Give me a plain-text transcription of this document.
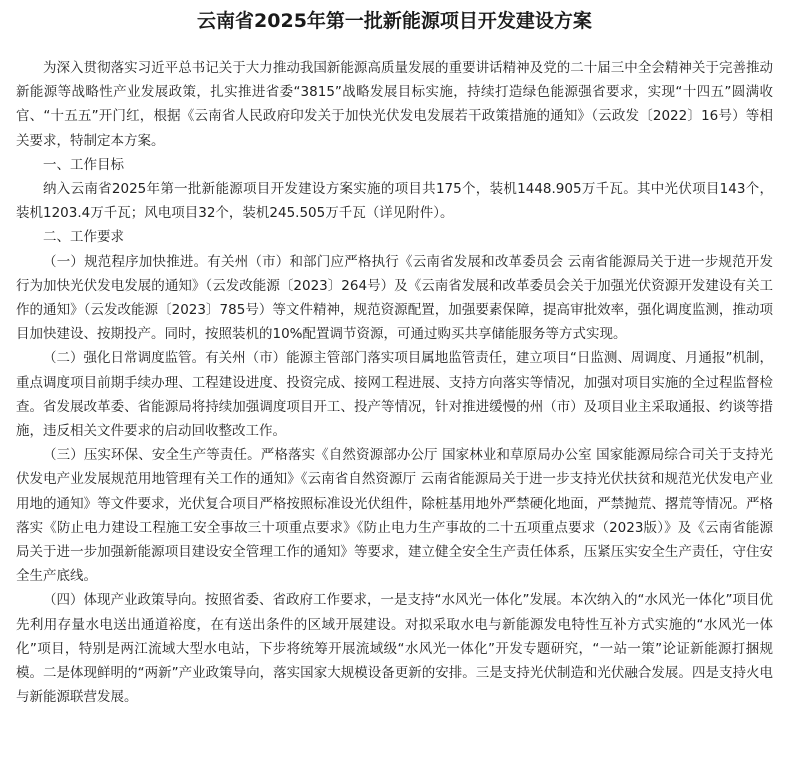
云南省2025年第一批新能源项目开发建设方案

为深入贯彻落实习近平总书记关于大力推动我国新能源高质量发展的重要讲话精神及党的二十届三中全会精神关于完善推动新能源等战略性产业发展政策，扎实推进省委“3815”战略发展目标实施，持续打造绿色能源强省要求，实现“十四五”圆满收官、“十五五”开门红，根据《云南省人民政府印发关于加快光伏发电发展若干政策措施的通知》（云政发〔2022〕16号）等相关要求，特制定本方案。

一、工作目标

纳入云南省2025年第一批新能源项目开发建设方案实施的项目共175个，装机1448.905万千瓦。其中光伏项目143个，装机1203.4万千瓦；风电项目32个，装机245.505万千瓦（详见附件）。

二、工作要求

（一）规范程序加快推进。有关州（市）和部门应严格执行《云南省发展和改革委员会 云南省能源局关于进一步规范开发行为加快光伏发电发展的通知》（云发改能源〔2023〕264号）及《云南省发展和改革委员会关于加强光伏资源开发建设有关工作的通知》（云发改能源〔2023〕785号）等文件精神，规范资源配置，加强要素保障，提高审批效率，强化调度监测，推动项目加快建设、按期投产。同时，按照装机的10%配置调节资源，可通过购买共享储能服务等方式实现。

（二）强化日常调度监管。有关州（市）能源主管部门落实项目属地监管责任，建立项目“日监测、周调度、月通报”机制，重点调度项目前期手续办理、工程建设进度、投资完成、接网工程进展、支持方向落实等情况，加强对项目实施的全过程监督检查。省发展改革委、省能源局将持续加强调度项目开工、投产等情况，针对推进缓慢的州（市）及项目业主采取通报、约谈等措施，违反相关文件要求的启动回收整改工作。

（三）压实环保、安全生产等责任。严格落实《自然资源部办公厅 国家林业和草原局办公室 国家能源局综合司关于支持光伏发电产业发展规范用地管理有关工作的通知》《云南省自然资源厅 云南省能源局关于进一步支持光伏扶贫和规范光伏发电产业用地的通知》等文件要求，光伏复合项目严格按照标准设光伏组件，除桩基用地外严禁硬化地面，严禁抛荒、撂荒等情况。严格落实《防止电力建设工程施工安全事故三十项重点要求》《防止电力生产事故的二十五项重点要求（2023版）》及《云南省能源局关于进一步加强新能源项目建设安全管理工作的通知》等要求，建立健全安全生产责任体系，压紧压实安全生产责任，守住安全生产底线。

（四）体现产业政策导向。按照省委、省政府工作要求，一是支持“水风光一体化”发展。本次纳入的“水风光一体化”项目优先利用存量水电送出通道裕度，在有送出条件的区域开展建设。对拟采取水电与新能源发电特性互补方式实施的“水风光一体化”项目，特别是两江流域大型水电站，下步将统筹开展流域级“水风光一体化”开发专题研究，“一站一策”论证新能源打捆规模。二是体现鲜明的“两新”产业政策导向，落实国家大规模设备更新的安排。三是支持光伏制造和光伏融合发展。四是支持火电与新能源联营发展。
